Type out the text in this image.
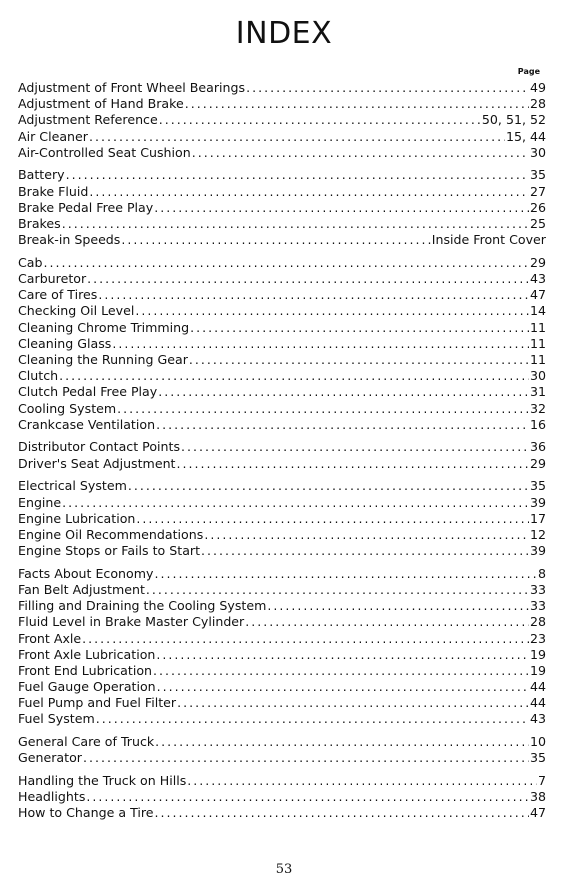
INDEX
Page
Adjustment of Front Wheel Bearings .....	49
Adjustment of Hand Brake .....	28
Adjustment Reference .....	50, 51, 52
Air Cleaner .....	15, 44
Air-Controlled Seat Cushion .....	30
Battery .....	35
Brake Fluid .....	27
Brake Pedal Free Play .....	26
Brakes .....	25
Break-in Speeds .....	Inside Front Cover
Cab .....	29
Carburetor .....	43
Care of Tires .....	47
Checking Oil Level .....	14
Cleaning Chrome Trimming .....	11
Cleaning Glass .....	11
Cleaning the Running Gear .....	11
Clutch .....	30
Clutch Pedal Free Play .....	31
Cooling System .....	32
Crankcase Ventilation .....	16
Distributor Contact Points .....	36
Driver's Seat Adjustment .....	29
Electrical System .....	35
Engine .....	39
Engine Lubrication .....	17
Engine Oil Recommendations .....	12
Engine Stops or Fails to Start .....	39
Facts About Economy .....	8
Fan Belt Adjustment .....	33
Filling and Draining the Cooling System .....	33
Fluid Level in Brake Master Cylinder .....	28
Front Axle .....	23
Front Axle Lubrication .....	19
Front End Lubrication .....	19
Fuel Gauge Operation .....	44
Fuel Pump and Fuel Filter .....	44
Fuel System .....	43
General Care of Truck .....	10
Generator .....	35
Handling the Truck on Hills .....	7
Headlights .....	38
How to Change a Tire .....	47
53
